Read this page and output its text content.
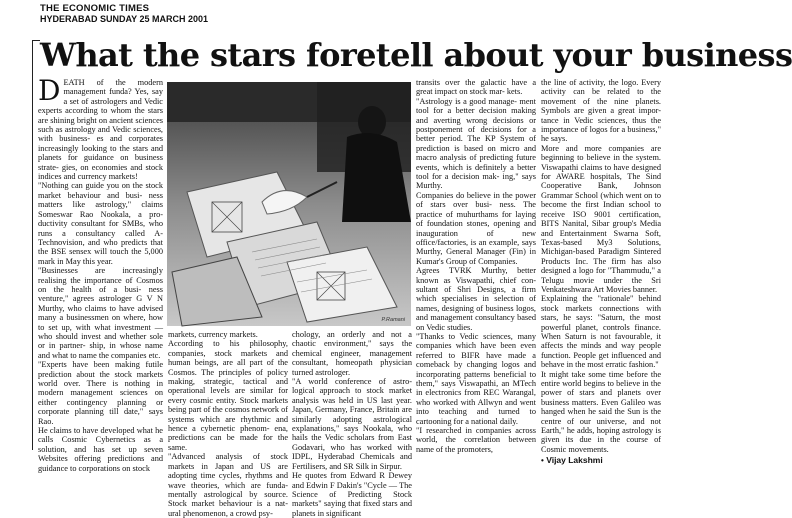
THE ECONOMIC TIMES
HYDERABAD SUNDAY 25 MARCH 2001
What the stars foretell about your business
P.Ramani

DEATH of the modern management funda? Yes, say a set of astrologers and Vedic experts according to whom the stars are shining bright on ancient sciences such as astrology and Vedic sciences, with business- es and corporates increasingly looking to the stars and planets for guidance on business strate- gies, on economies and stock indices and currency markets!

"Nothing can guide you on the stock market behaviour and busi- ness matters like astrology," claims Someswar Rao Nookala, a pro- ductivity consultant for SMBs, who runs a consultancy called A- Technovision, and who predicts that the BSE sensex will touch the 5,000 mark in May this year.

"Businesses are increasingly realising the importance of Cosmos on the health of a busi- ness venture," agrees astrologer G V N Murthy, who claims to have advised many a businessmen on where, how to set up, with what investment — who should invest and whether sole or in partner- ship, in whose name and what to name the companies etc.

"Experts have been making futile prediction about the stock markets world over. There is nothing in modern management sciences on either contingency planning or corporate planning till date," says Rao.

He claims to have developed what he calls Cosmic Cybernetics as a solution, and has set up seven Websites offering predictions and guidance to corporations on stock

markets, currency markets.

According to his philosophy, companies, stock markets and human beings, are all part of the Cosmos. The principles of policy making, strategic, tactical and operational levels are similar for every cosmic entity. Stock markets being part of the cosmos network of systems which are rhythmic and hence a cybernetic phenom- ena, predictions can be made for the same.

"Advanced analysis of stock markets in Japan and US are adopting time cycles, rhythms and wave theories, which are funda- mentally astrological by source. Stock market behaviour is a nat- ural phenomenon, a crowd psy-

chology, an orderly and not a chaotic environment," says the chemical engineer, management consultant, homeopath physician turned astrologer.

"A world conference of astro- logical approach to stock market analysis was held in US last year. Japan, Germany, France, Britain are similarly adopting astrological explanations," says Nookala, who hails the Vedic scholars from East Godavari, who has worked with IDPL, Hyderabad Chemicals and Fertilisers, and SR Silk in Sirpur.

He quotes from Edward R Dewey and Edwin F Dakin's "Cycle — The Science of Predicting Stock markets" saying that fixed stars and planets in significant

transits over the galactic have a great impact on stock mar- kets.

"Astrology is a good manage- ment tool for a better decision making and averting wrong decisions or postponement of decisions for a better period. The KP System of prediction is based on micro and macro analysis of predicting future events, which is definitely a better tool for a decision mak- ing," says Murthy.

Companies do believe in the power of stars over busi- ness. The practice of muhurthams for laying of foundation stones, opening and inauguration of new office/factories, is an example, says Murthy, General Manager (Fin) in Kumar's Group of Companies.

Agrees TVRK Murthy, better known as Viswapathi, chief con- sultant of Shri Designs, a firm which specialises in selection of names, designing of business logos, and management consultancy based on Vedic studies.

"Thanks to Vedic sciences, many companies which have been even referred to BIFR have made a comeback by changing logos and incorporating patterns beneficial to them," says Viswapathi, an MTech in electronics from REC Warangal, who worked with Allwyn and went into teaching and turned to cartooning for a national daily.

"I researched in companies across world, the correlation between name of the promoters,

the line of activity, the logo. Every activity can be related to the movement of the nine planets. Symbols are given a great impor- tance in Vedic sciences, thus the importance of logos for a business," he says.

More and more companies are beginning to believe in the system. Viswapathi claims to have designed for AWARE hospitals, The Sind Cooperative Bank, Johnson Grammar School (which went on to become the first Indian school to receive ISO 9001 certification, BITS Nanital, Sibar group's Media and Entertainment Swarna Soft, Texas-based My3 Solutions, Michigan-based Paradigm Sintered Products Inc. The firm has also designed a logo for "Thammudu," a Telugu movie under the Sri Venkateshwara Art Movies banner.

Explaining the "rationale" behind stock markets connections with stars, he says: "Saturn, the most powerful planet, controls finance. When Saturn is not favourable, it affects the minds and way people function. People get influenced and behave in the most erratic fashion."

It might take some time before the entire world begins to believe in the power of stars and planets over business matters. Even Galileo was hanged when he said the Sun is the centre of our universe, and not Earth," he adds, hoping astrology is given its due in the course of Cosmic movements.

• Vijay Lakshmi
